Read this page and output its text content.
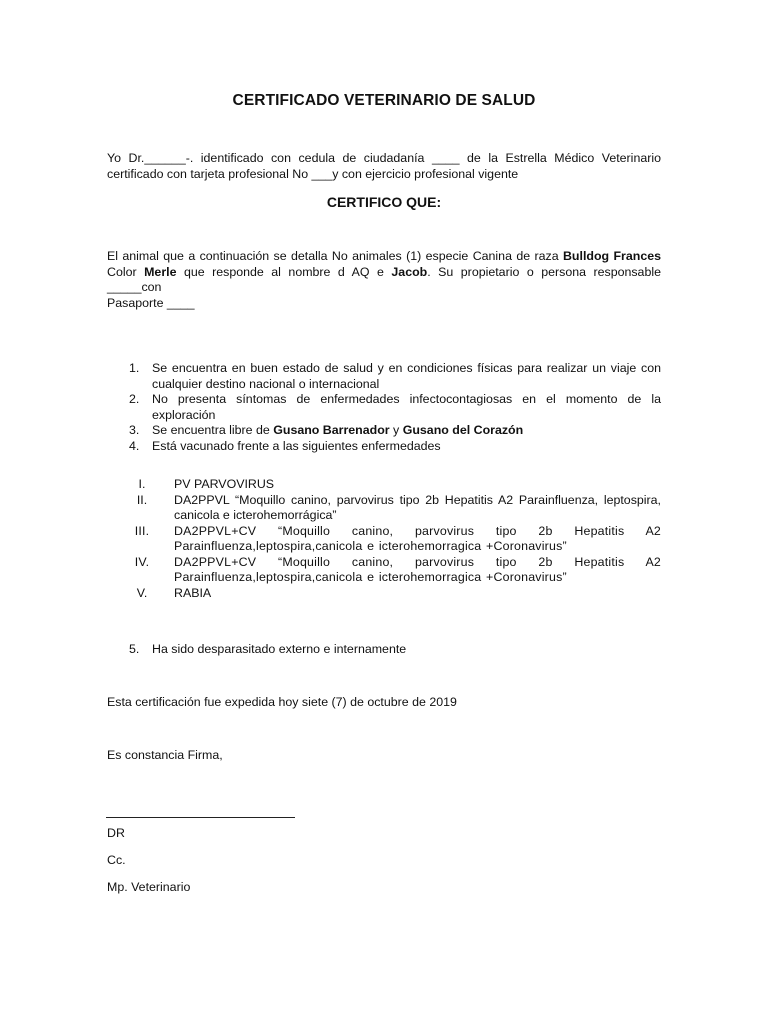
CERTIFICADO VETERINARIO DE SALUD
Yo Dr.______-. identificado con cedula de ciudadanía ____ de la Estrella Médico Veterinario
certificado con tarjeta profesional No ___y con ejercicio profesional vigente
CERTIFICO QUE:
El animal que a continuación se detalla No animales (1) especie Canina de raza Bulldog Frances
Color Merle que responde al nombre d AQ e Jacob. Su propietario o persona responsable _____con
Pasaporte ____
1. Se encuentra en buen estado de salud y en condiciones físicas para realizar un viaje con cualquier destino nacional o internacional
2. No presenta síntomas de enfermedades infectocontagiosas en el momento de la exploración
3. Se encuentra libre de Gusano Barrenador y Gusano del Corazón
4. Está vacunado frente a las siguientes enfermedades
I.	PV PARVOVIRUS
II.	DA2PPVL “Moquillo canino, parvovirus tipo 2b Hepatitis A2 Parainfluenza, leptospira, canicola e icterohemorrágica”
III.	DA2PPVL+CV “Moquillo canino, parvovirus tipo 2b Hepatitis A2 Parainfluenza,leptospira,canicola e icterohemorragica +Coronavirus”
IV.	DA2PPVL+CV “Moquillo canino, parvovirus tipo 2b Hepatitis A2 Parainfluenza,leptospira,canicola e icterohemorragica +Coronavirus”
V.	RABIA
5. Ha sido desparasitado externo e internamente
Esta certificación fue expedida hoy siete (7) de octubre de 2019
Es constancia Firma,
DR
Cc.
Mp. Veterinario
